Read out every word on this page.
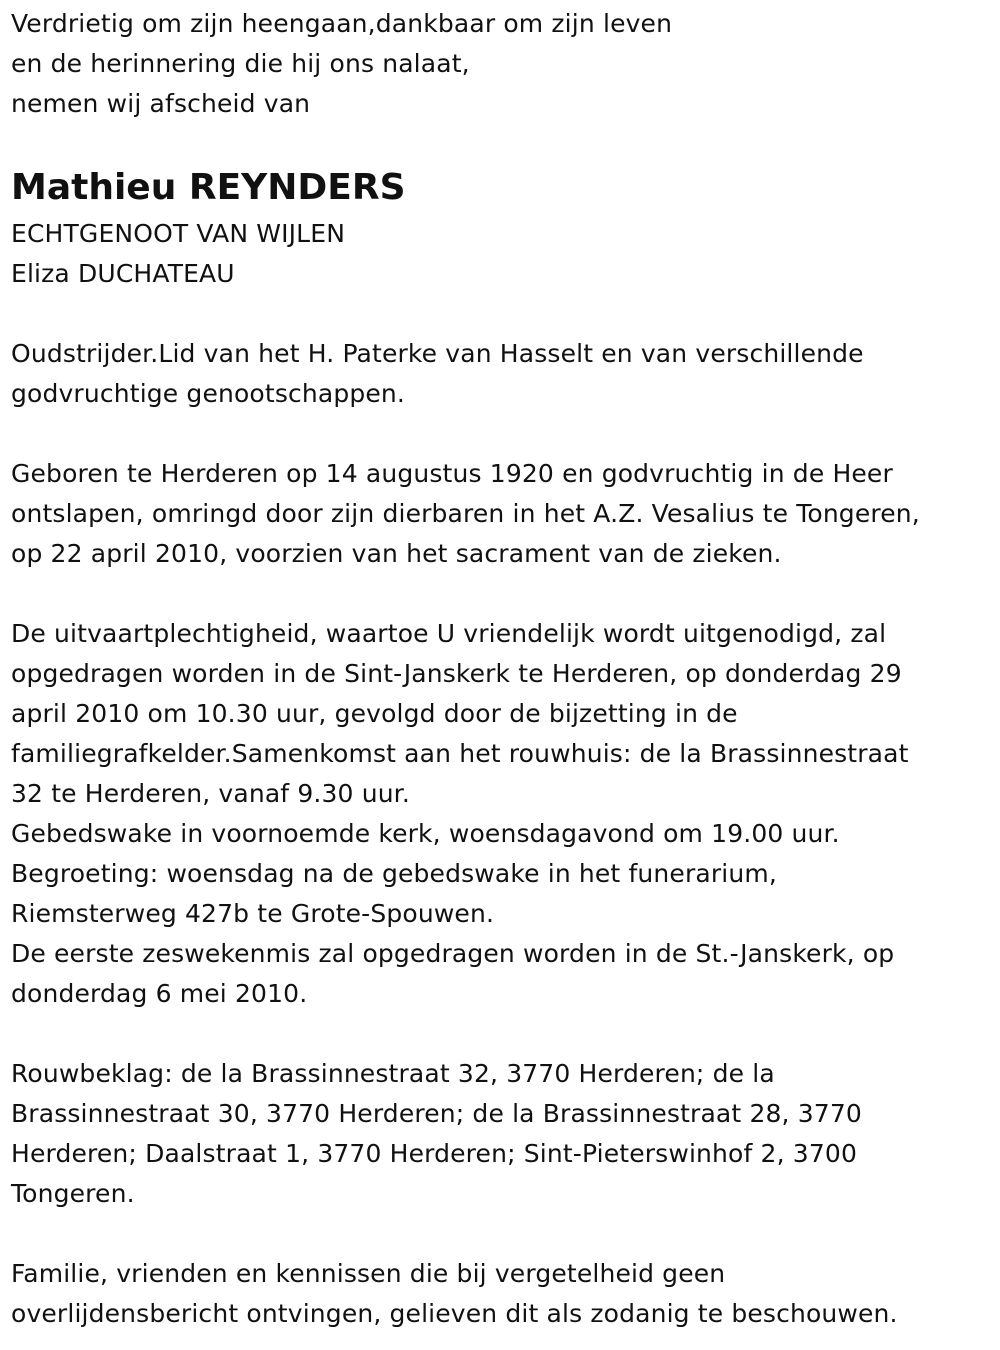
Verdrietig om zijn heengaan,dankbaar om zijn leven
en de herinnering die hij ons nalaat,
nemen wij afscheid van
Mathieu REYNDERS
ECHTGENOOT VAN WIJLEN
Eliza DUCHATEAU
Oudstrijder.Lid van het H. Paterke van Hasselt en van verschillende
godvruchtige genootschappen.
Geboren te Herderen op 14 augustus 1920 en godvruchtig in de Heer
ontslapen, omringd door zijn dierbaren in het A.Z. Vesalius te Tongeren,
op 22 april 2010, voorzien van het sacrament van de zieken.
De uitvaartplechtigheid, waartoe U vriendelijk wordt uitgenodigd, zal
opgedragen worden in de Sint-Janskerk te Herderen, op donderdag 29
april 2010 om 10.30 uur, gevolgd door de bijzetting in de
familiegrafkelder.Samenkomst aan het rouwhuis: de la Brassinnestraat
32 te Herderen, vanaf 9.30 uur.
Gebedswake in voornoemde kerk, woensdagavond om 19.00 uur.
Begroeting: woensdag na de gebedswake in het funerarium,
Riemsterweg 427b te Grote-Spouwen.
De eerste zeswekenmis zal opgedragen worden in de St.-Janskerk, op
donderdag 6 mei 2010.
Rouwbeklag: de la Brassinnestraat 32, 3770 Herderen; de la
Brassinnestraat 30, 3770 Herderen; de la Brassinnestraat 28, 3770
Herderen; Daalstraat 1, 3770 Herderen; Sint-Pieterswinhof 2, 3700
Tongeren.
Familie, vrienden en kennissen die bij vergetelheid geen
overlijdensbericht ontvingen, gelieven dit als zodanig te beschouwen.
